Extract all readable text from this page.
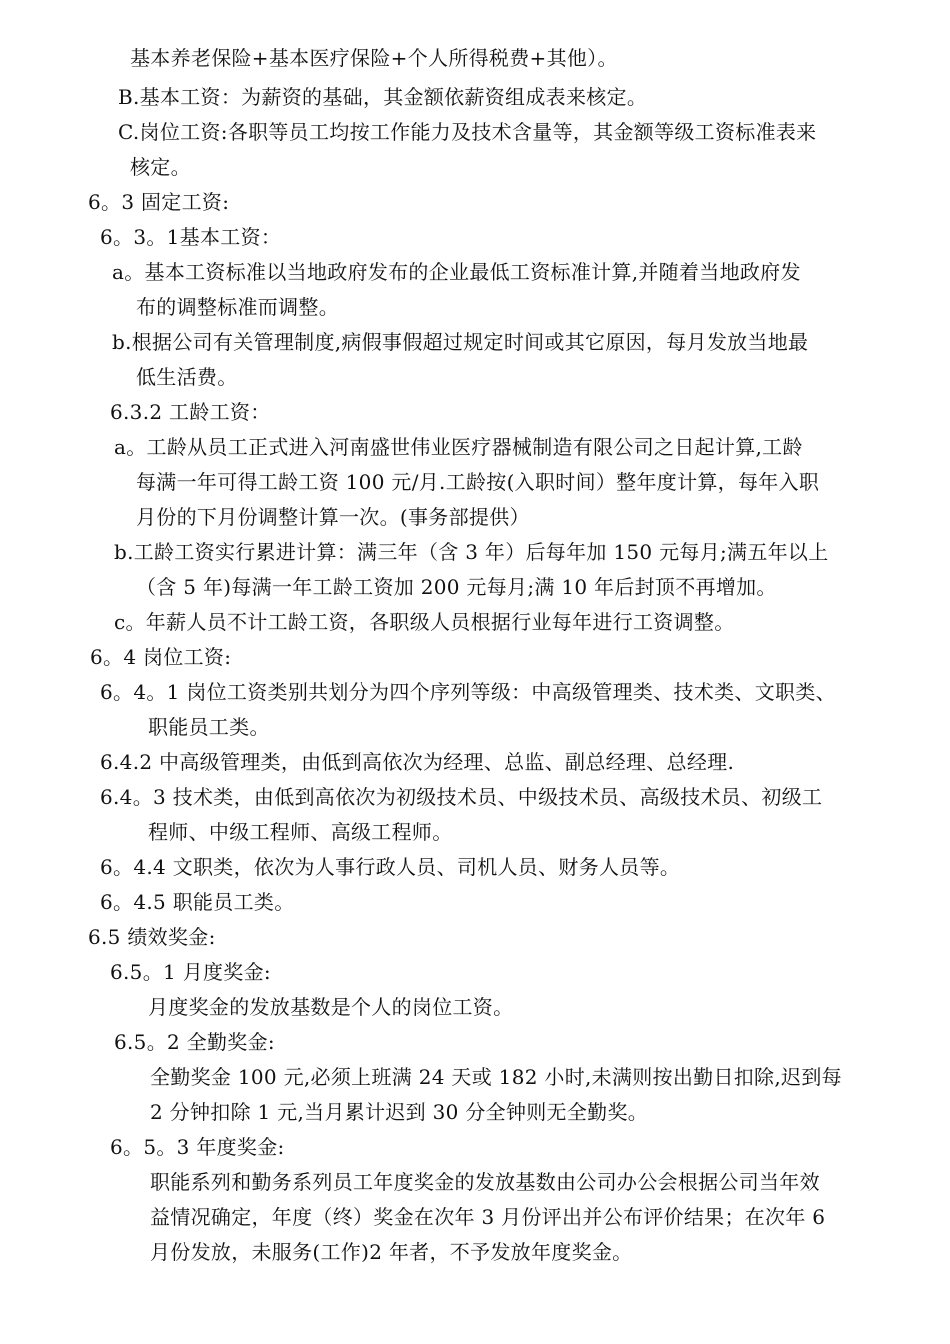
基本养老保险+基本医疗保险+个人所得税费+其他）。
B.基本工资：为薪资的基础，其金额依薪资组成表来核定。
C.岗位工资:各职等员工均按工作能力及技术含量等，其金额等级工资标准表来
核定。
6。3 固定工资:
6。3。1基本工资：
a。基本工资标准以当地政府发布的企业最低工资标准计算,并随着当地政府发
布的调整标准而调整。
b.根据公司有关管理制度,病假事假超过规定时间或其它原因，每月发放当地最
低生活费。
6.3.2 工龄工资：
a。工龄从员工正式进入河南盛世伟业医疗器械制造有限公司之日起计算,工龄
每满一年可得工龄工资 100 元/月.工龄按(入职时间）整年度计算，每年入职
月份的下月份调整计算一次。(事务部提供）
b.工龄工资实行累进计算：满三年（含 3 年）后每年加 150 元每月;满五年以上
（含 5 年)每满一年工龄工资加 200 元每月;满 10 年后封顶不再增加。
c。年薪人员不计工龄工资，各职级人员根据行业每年进行工资调整。
6。4 岗位工资:
6。4。1 岗位工资类别共划分为四个序列等级：中高级管理类、技术类、文职类、
职能员工类。
6.4.2 中高级管理类，由低到高依次为经理、总监、副总经理、总经理.
6.4。3 技术类，由低到高依次为初级技术员、中级技术员、高级技术员、初级工
程师、中级工程师、高级工程师。
6。4.4 文职类，依次为人事行政人员、司机人员、财务人员等。
6。4.5 职能员工类。
6.5 绩效奖金:
6.5。1 月度奖金:
月度奖金的发放基数是个人的岗位工资。
6.5。2 全勤奖金:
全勤奖金 100 元,必须上班满 24 天或 182 小时,未满则按出勤日扣除,迟到每
2 分钟扣除 1 元,当月累计迟到 30 分全钟则无全勤奖。
6。5。3 年度奖金:
职能系列和勤务系列员工年度奖金的发放基数由公司办公会根据公司当年效
益情况确定，年度（终）奖金在次年 3 月份评出并公布评价结果；在次年 6
月份发放，未服务(工作)2 年者，不予发放年度奖金。
